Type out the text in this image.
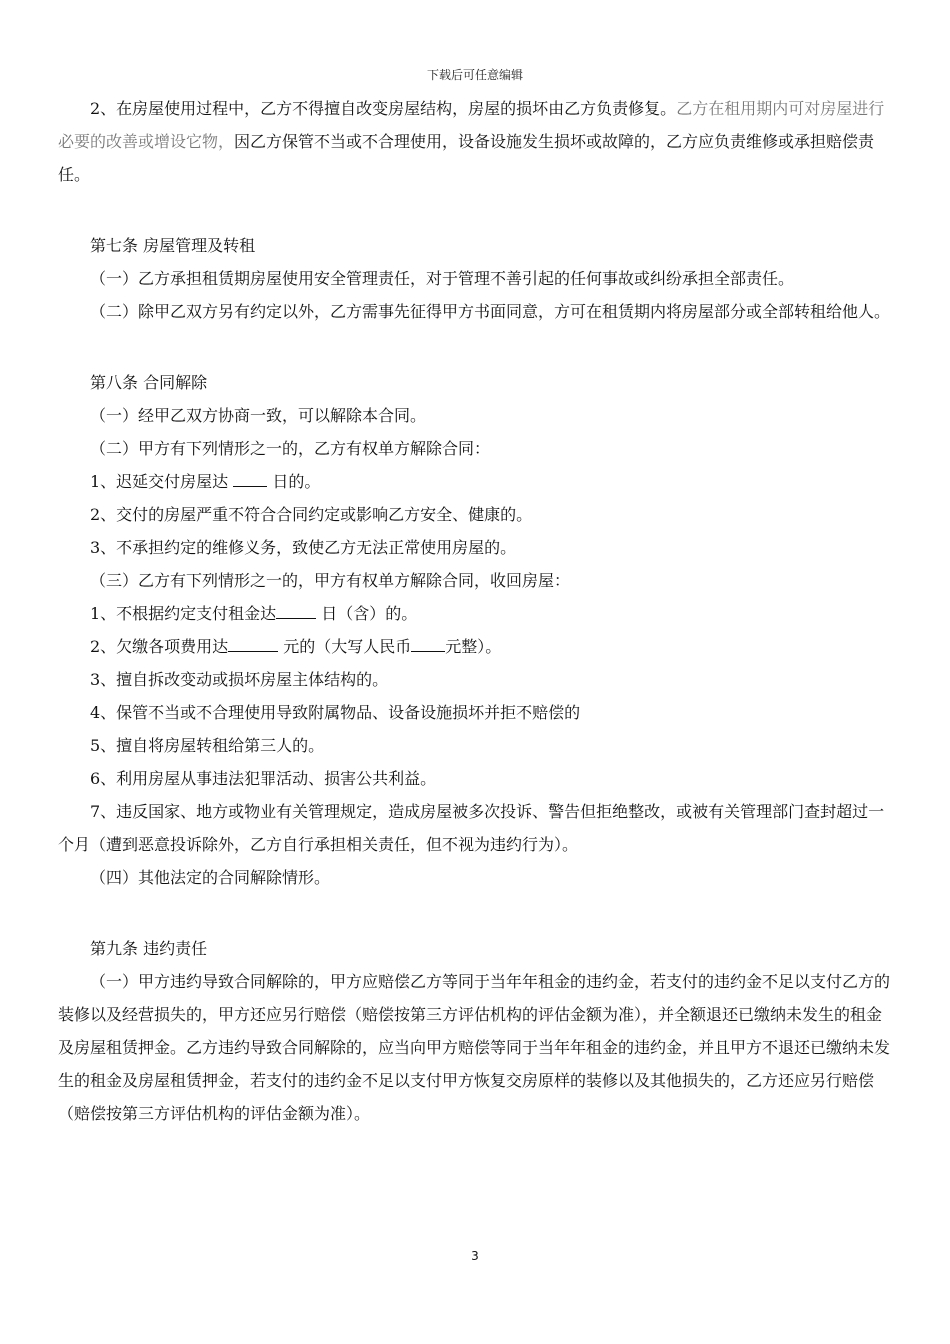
下载后可任意编辑

2、在房屋使用过程中，乙方不得擅自改变房屋结构，房屋的损坏由乙方负责修复。乙方在租用期内可对房屋进行必要的改善或增设它物，因乙方保管不当或不合理使用，设备设施发生损坏或故障的，乙方应负责维修或承担赔偿责任。

第七条 房屋管理及转租

（一）乙方承担租赁期房屋使用安全管理责任，对于管理不善引起的任何事故或纠纷承担全部责任。

（二）除甲乙双方另有约定以外，乙方需事先征得甲方书面同意，方可在租赁期内将房屋部分或全部转租给他人。

第八条 合同解除

（一）经甲乙双方协商一致，可以解除本合同。

（二）甲方有下列情形之一的，乙方有权单方解除合同：

1、迟延交付房屋达  日的。

2、交付的房屋严重不符合合同约定或影响乙方安全、健康的。

3、不承担约定的维修义务，致使乙方无法正常使用房屋的。

（三）乙方有下列情形之一的，甲方有权单方解除合同，收回房屋：

1、不根据约定支付租金达	日（含）的。

2、欠缴各项费用达	元的（大写人民币 元整）。

3、擅自拆改变动或损坏房屋主体结构的。

4、保管不当或不合理使用导致附属物品、设备设施损坏并拒不赔偿的

5、擅自将房屋转租给第三人的。

6、利用房屋从事违法犯罪活动、损害公共利益。

7、违反国家、地方或物业有关管理规定，造成房屋被多次投诉、警告但拒绝整改，或被有关管理部门查封超过一个月（遭到恶意投诉除外，乙方自行承担相关责任，但不视为违约行为）。

（四）其他法定的合同解除情形。

第九条 违约责任

（一）甲方违约导致合同解除的，甲方应赔偿乙方等同于当年年租金的违约金，若支付的违约金不足以支付乙方的装修以及经营损失的，甲方还应另行赔偿（赔偿按第三方评估机构的评估金额为准），并全额退还已缴纳未发生的租金及房屋租赁押金。乙方违约导致合同解除的，应当向甲方赔偿等同于当年年租金的违约金，并且甲方不退还已缴纳未发生的租金及房屋租赁押金，若支付的违约金不足以支付甲方恢复交房原样的装修以及其他损失的，乙方还应另行赔偿（赔偿按第三方评估机构的评估金额为准）。

3
